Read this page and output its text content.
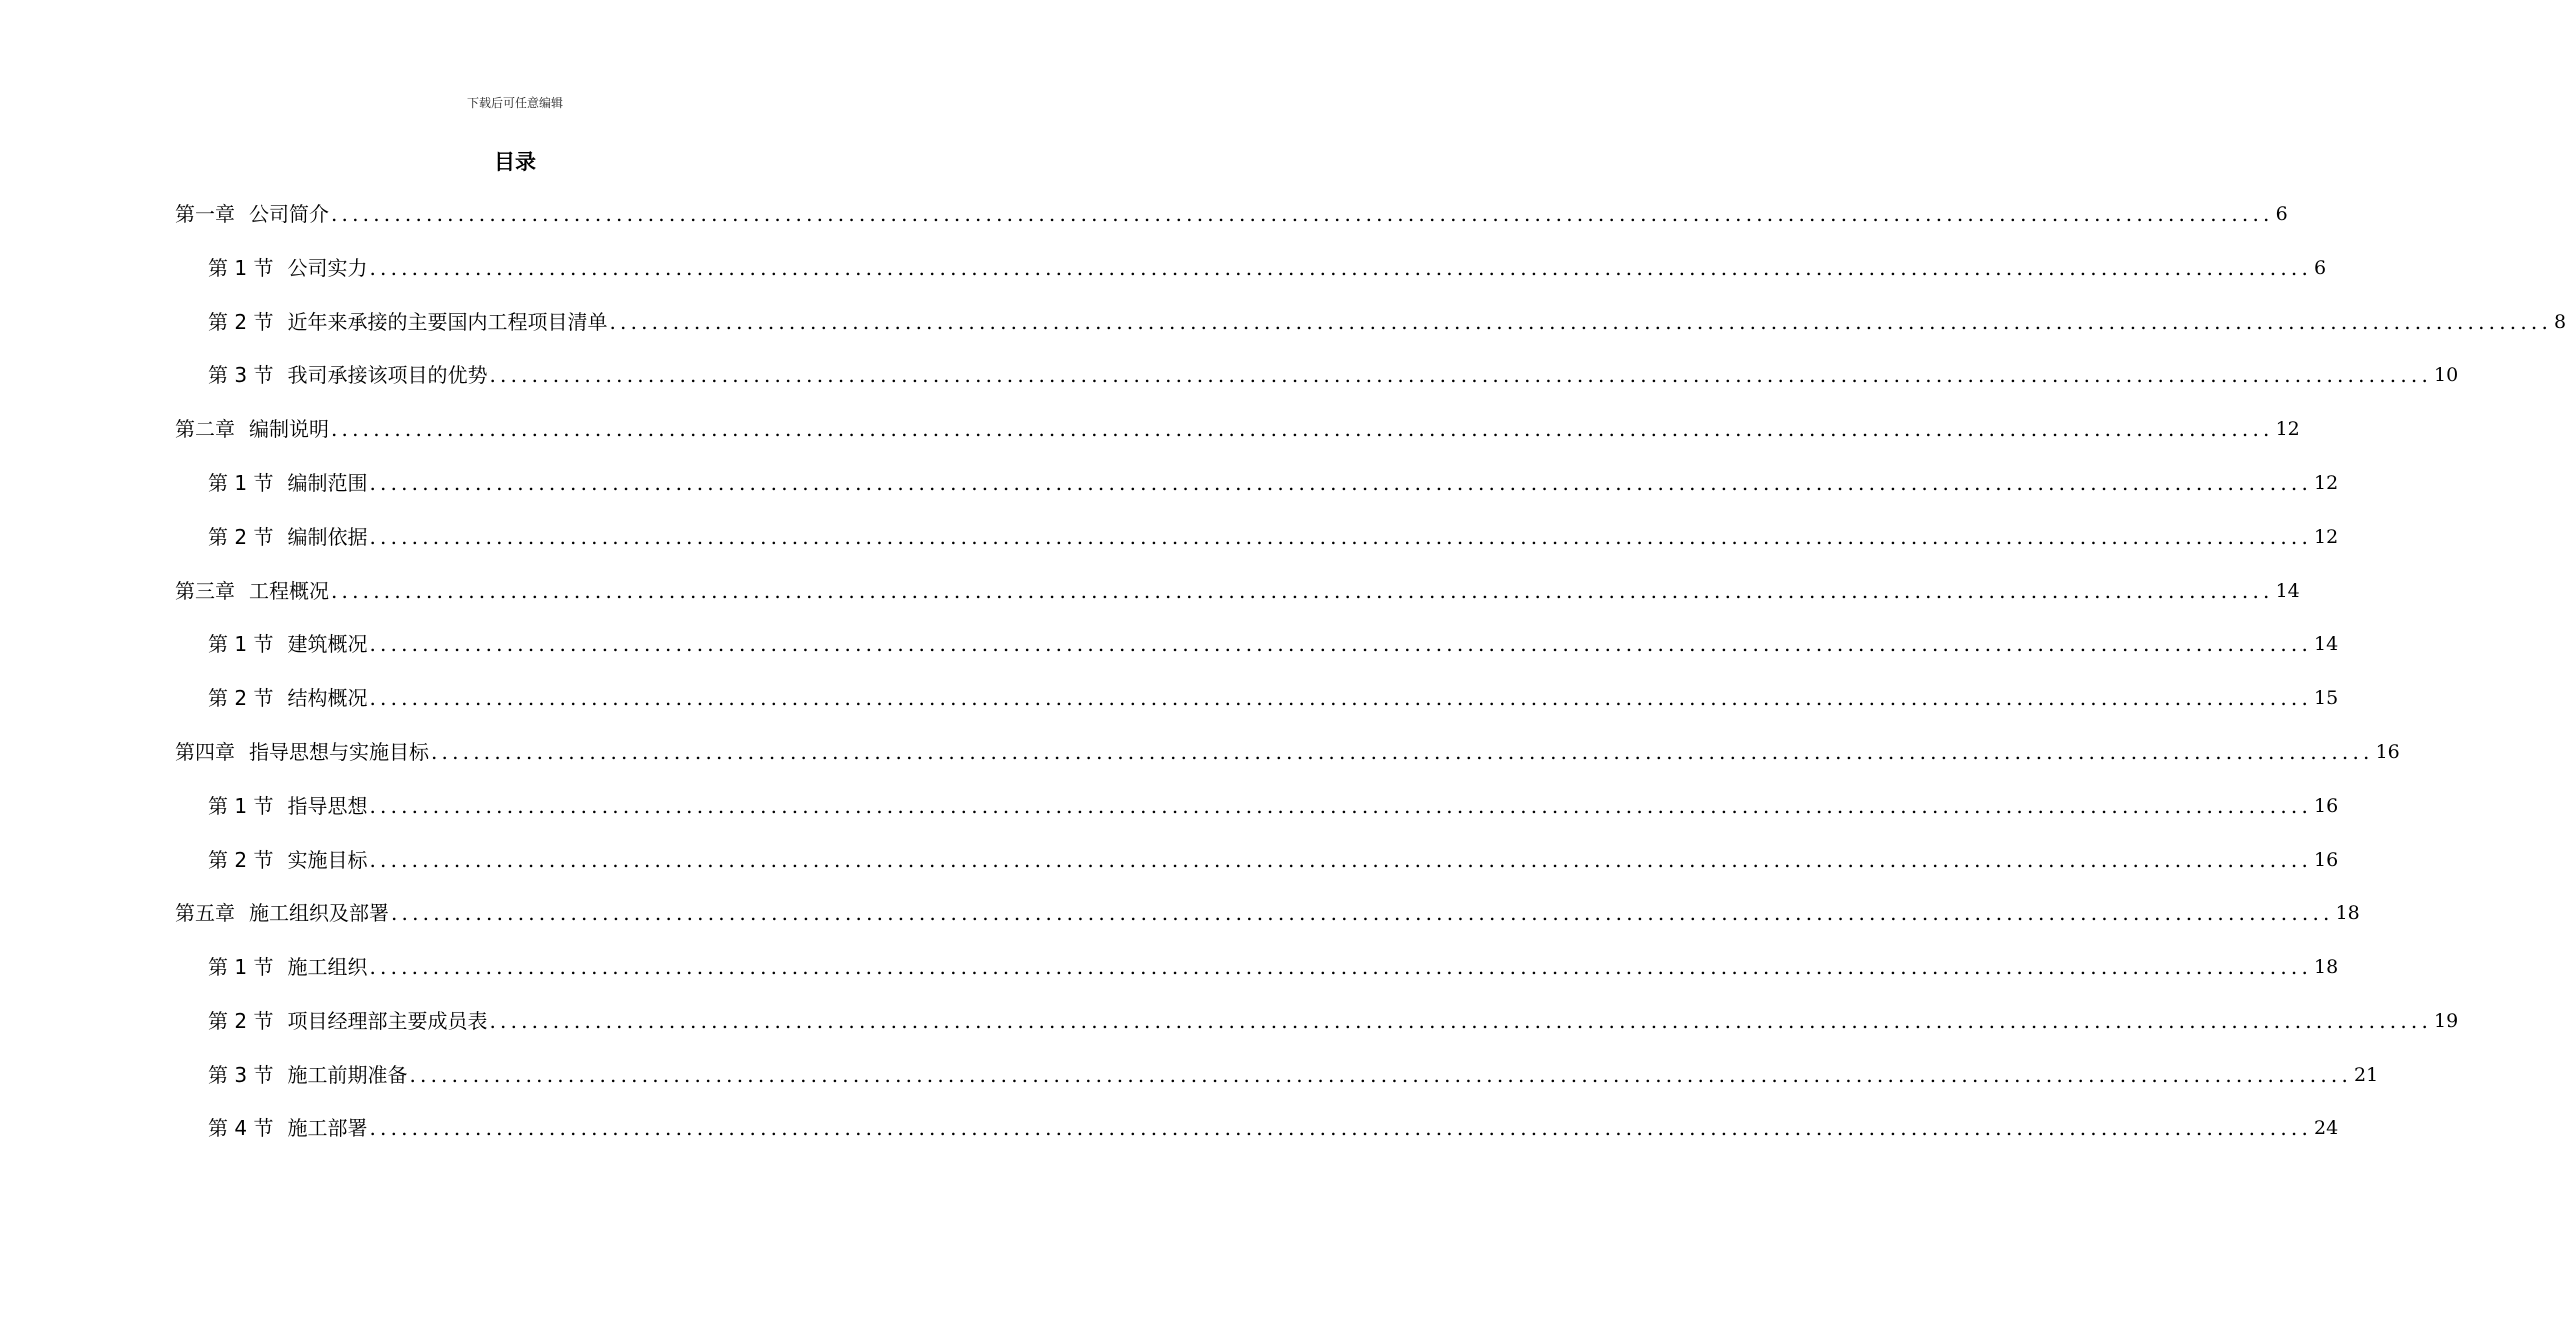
下载后可任意编辑
目录
第一章 公司简介 ........................................................................................................................................................................................ 6
第 1 节 公司实力 ........................................................................................................................................................................................ 6
第 2 节 近年来承接的主要国内工程项目清单 ........................................................................................................................................................................................ 8
第 3 节 我司承接该项目的优势 ........................................................................................................................................................................................ 10
第二章 编制说明 ........................................................................................................................................................................................ 12
第 1 节 编制范围 ........................................................................................................................................................................................ 12
第 2 节 编制依据 ........................................................................................................................................................................................ 12
第三章 工程概况 ........................................................................................................................................................................................ 14
第 1 节 建筑概况 ........................................................................................................................................................................................ 14
第 2 节 结构概况 ........................................................................................................................................................................................ 15
第四章 指导思想与实施目标 ........................................................................................................................................................................................ 16
第 1 节 指导思想 ........................................................................................................................................................................................ 16
第 2 节 实施目标 ........................................................................................................................................................................................ 16
第五章 施工组织及部署 ........................................................................................................................................................................................ 18
第 1 节 施工组织 ........................................................................................................................................................................................ 18
第 2 节 项目经理部主要成员表 ........................................................................................................................................................................................ 19
第 3 节 施工前期准备 ........................................................................................................................................................................................ 21
第 4 节 施工部署 ........................................................................................................................................................................................ 24
